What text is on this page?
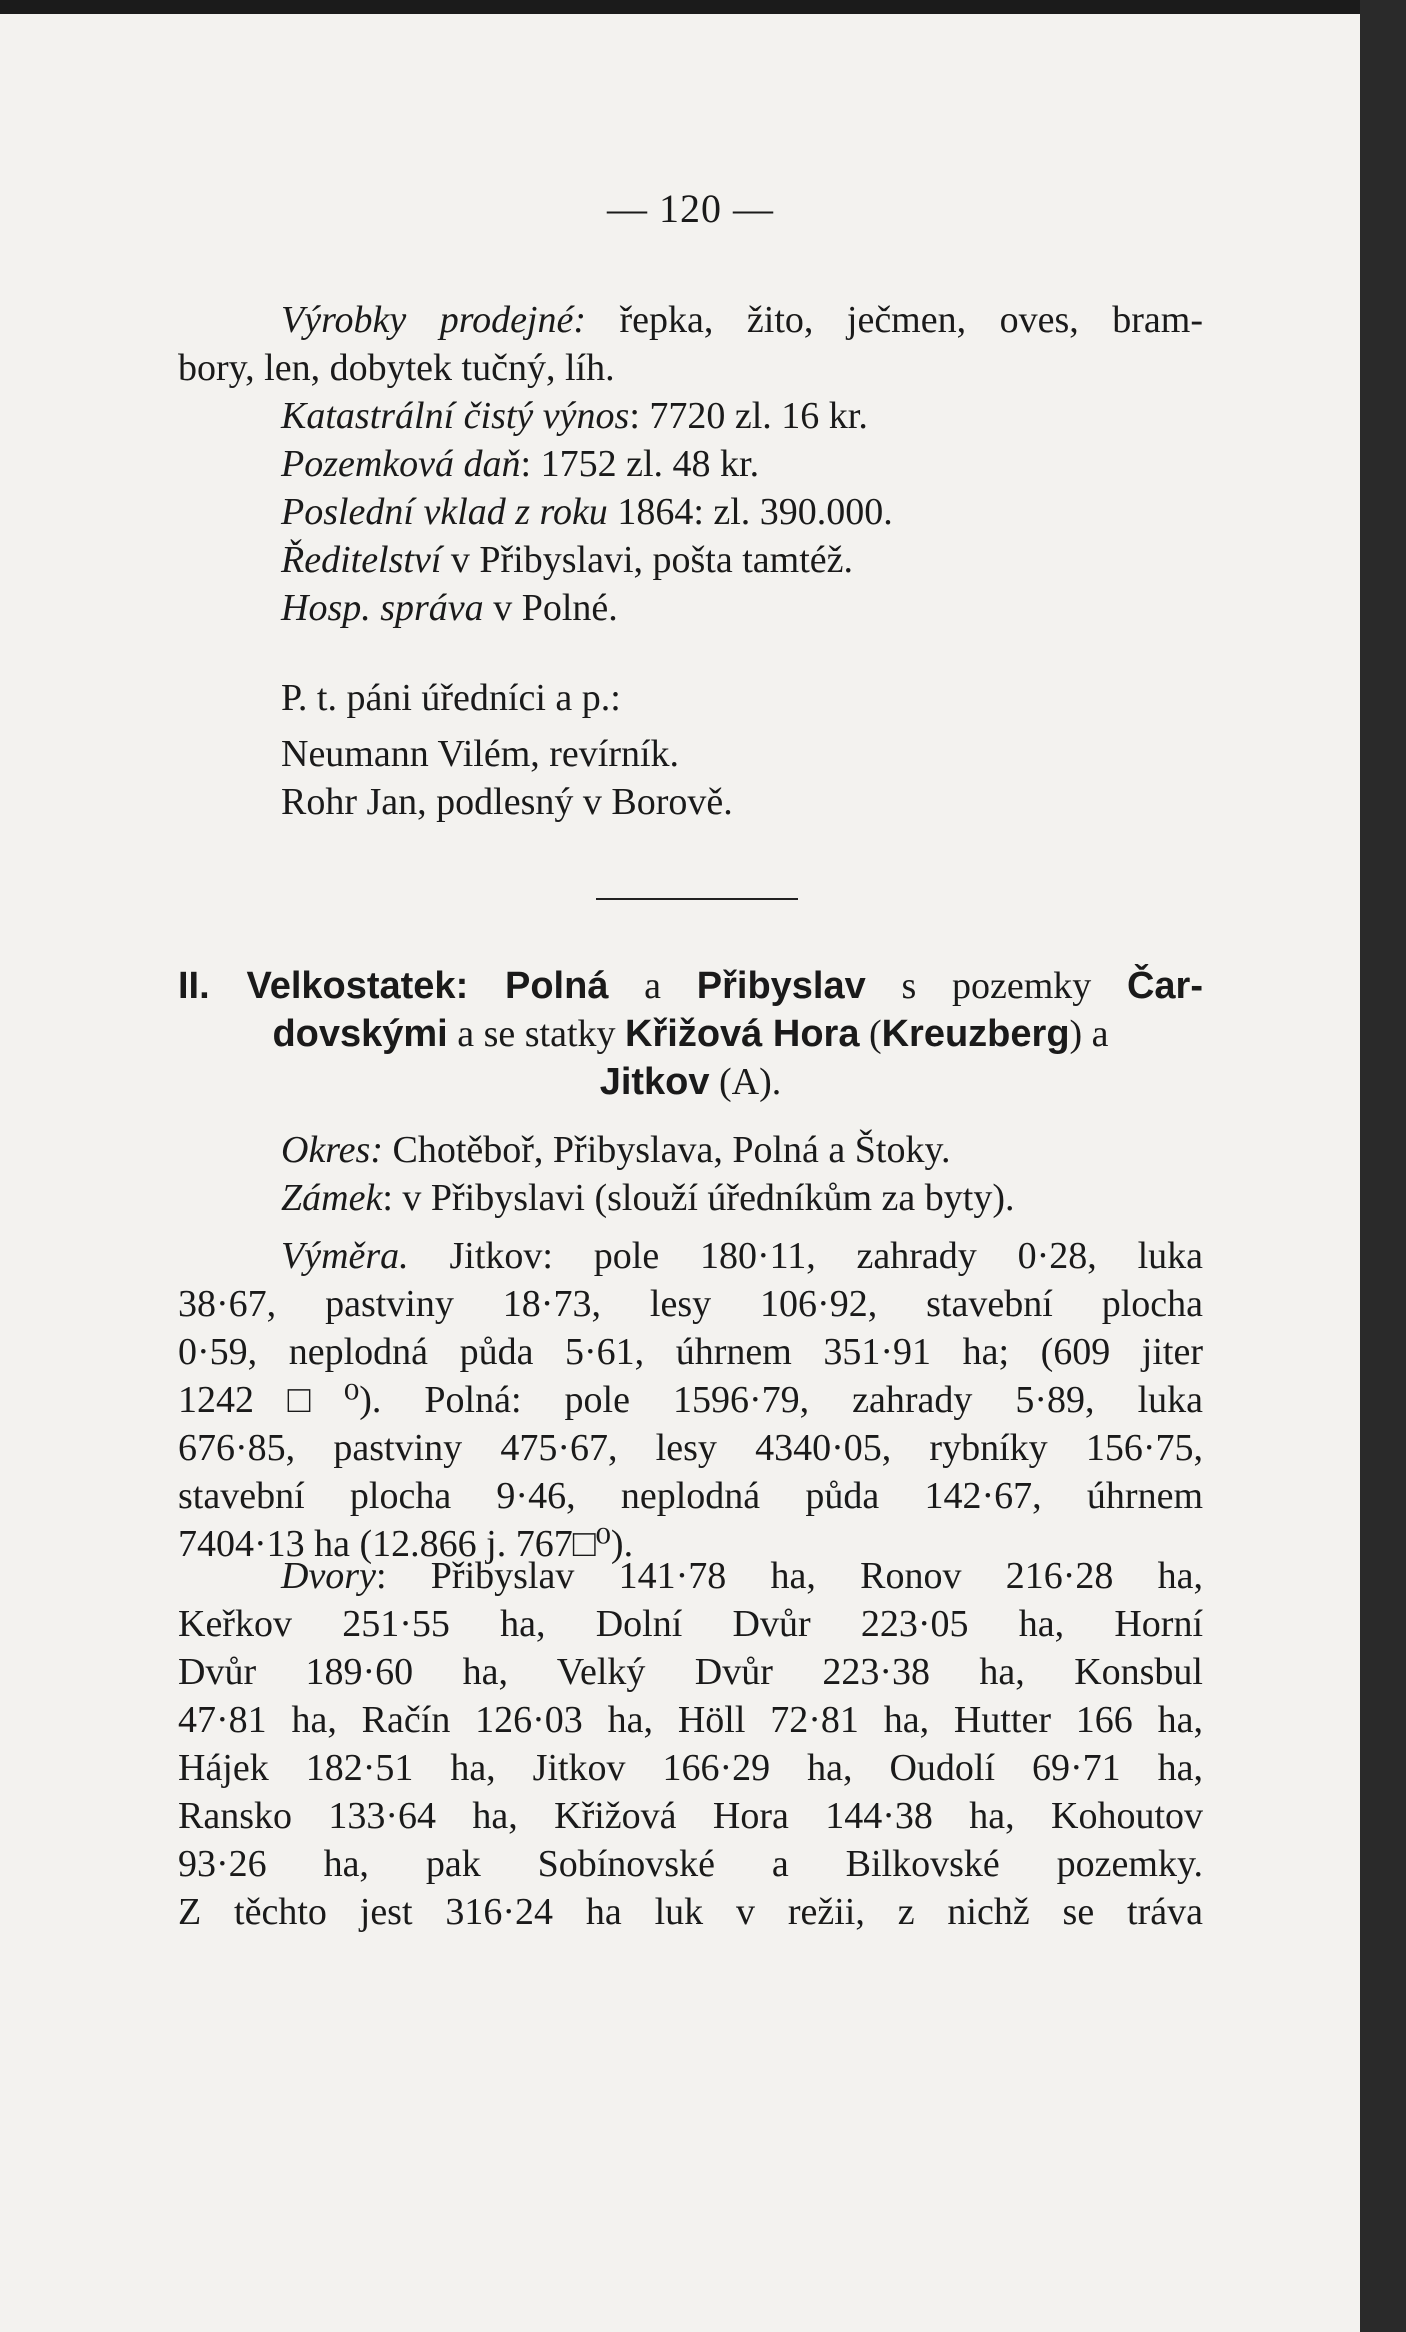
— 120 —
Výrobky prodejné: řepka, žito, ječmen, oves, bram-
bory, len, dobytek tučný, líh.
Katastrální čistý výnos: 7720 zl. 16 kr.
Pozemková daň: 1752 zl. 48 kr.
Poslední vklad z roku 1864: zl. 390.000.
Ředitelství v Přibyslavi, pošta tamtéž.
Hosp. správa v Polné.
P. t. páni úředníci a p.:
Neumann Vilém, revírník.
Rohr Jan, podlesný v Borově.
II. Velkostatek: Polná a Přibyslav s pozemky Čar-
dovskými a se statky Křižová Hora (Kreuzberg) a
Jitkov (A).
Okres: Chotěboř, Přibyslava, Polná a Štoky.
Zámek: v Přibyslavi (slouží úředníkům za byty).
Výměra. Jitkov: pole 180·11, zahrady 0·28, luka
38·67, pastviny 18·73, lesy 106·92, stavební plocha
0·59, neplodná půda 5·61, úhrnem 351·91 ha; (609 jiter
1242□⁰). Polná: pole 1596·79, zahrady 5·89, luka
676·85, pastviny 475·67, lesy 4340·05, rybníky 156·75,
stavební plocha 9·46, neplodná půda 142·67, úhrnem
7404·13 ha (12.866 j. 767□⁰).
Dvory: Přibyslav 141·78 ha, Ronov 216·28 ha,
Keřkov 251·55 ha, Dolní Dvůr 223·05 ha, Horní
Dvůr 189·60 ha, Velký Dvůr 223·38 ha, Konsbul
47·81 ha, Račín 126·03 ha, Höll 72·81 ha, Hutter 166 ha,
Hájek 182·51 ha, Jitkov 166·29 ha, Oudolí 69·71 ha,
Ransko 133·64 ha, Křižová Hora 144·38 ha, Kohoutov
93·26 ha, pak Sobínovské a Bilkovské pozemky.
Z těchto jest 316·24 ha luk v režii, z nichž se tráva
